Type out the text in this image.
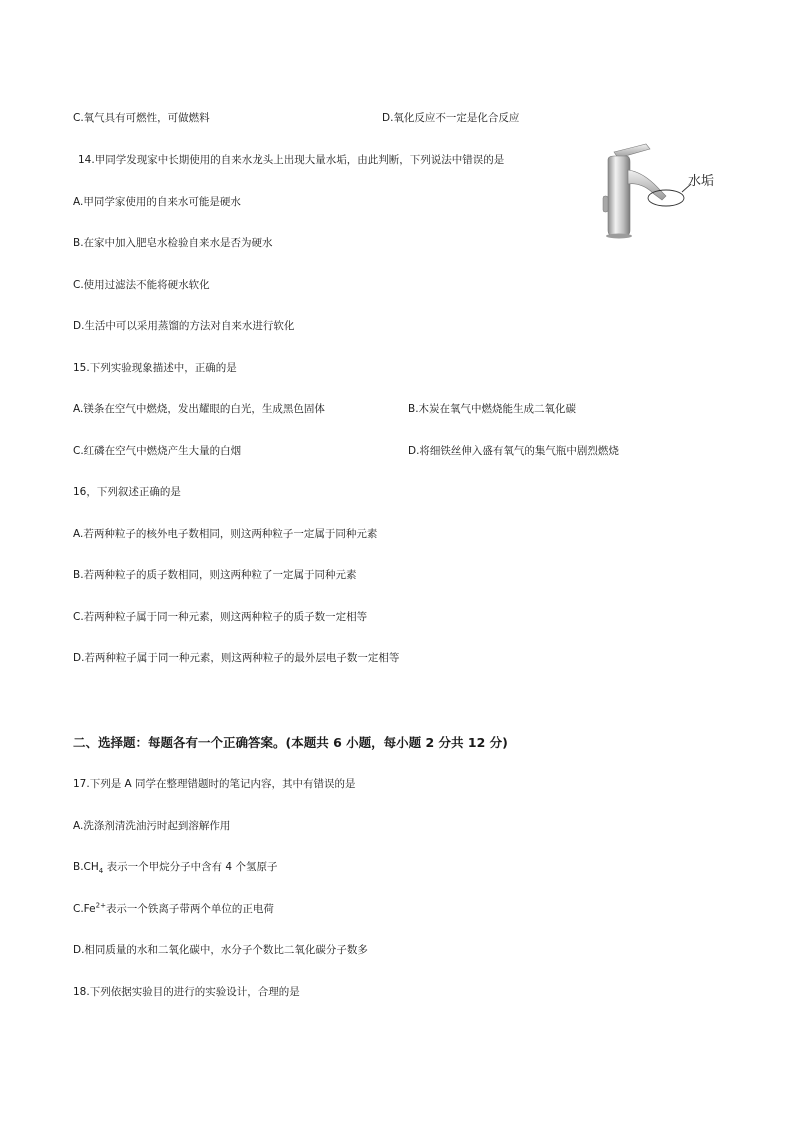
C.氧气具有可燃性，可做燃料	D.氧化反应不一定是化合反应
14.甲同学发现家中长期使用的自来水龙头上出现大量水垢，由此判断，下列说法中错误的是
A.甲同学家使用的自来水可能是硬水
B.在家中加入肥皂水检验自来水是否为硬水
C.使用过滤法不能将硬水软化
D.生活中可以采用蒸馏的方法对自来水进行软化
水垢
15.下列实验现象描述中，正确的是
A.镁条在空气中燃烧，发出耀眼的白光，生成黑色固体	B.木炭在氧气中燃烧能生成二氧化碳
C.红磷在空气中燃烧产生大量的白烟	D.将细铁丝伸入盛有氧气的集气瓶中剧烈燃烧
16，下列叙述正确的是
A.若两种粒子的核外电子数相同，则这两种粒子一定属于同种元素
B.若两种粒子的质子数相同，则这两种粒了一定属于同种元素
C.若两种粒子属于同一种元素，则这两种粒子的质子数一定相等
D.若两种粒子属于同一种元素，则这两种粒子的最外层电子数一定相等
二、选择题：每题各有一个正确答案。(本题共 6 小题，每小题 2 分共 12 分)
17.下列是 A 同学在整理错题时的笔记内容，其中有错误的是
A.洗涤剂清洗油污时起到溶解作用
$B.CH_4$ 表示一个甲烷分子中含有 4 个氢原子
$C.Fe^{2+}$表示一个铁离子带两个单位的正电荷
D.相同质量的水和二氧化碳中，水分子个数比二氧化碳分子数多
18.下列依据实验目的进行的实验设计，合理的是
